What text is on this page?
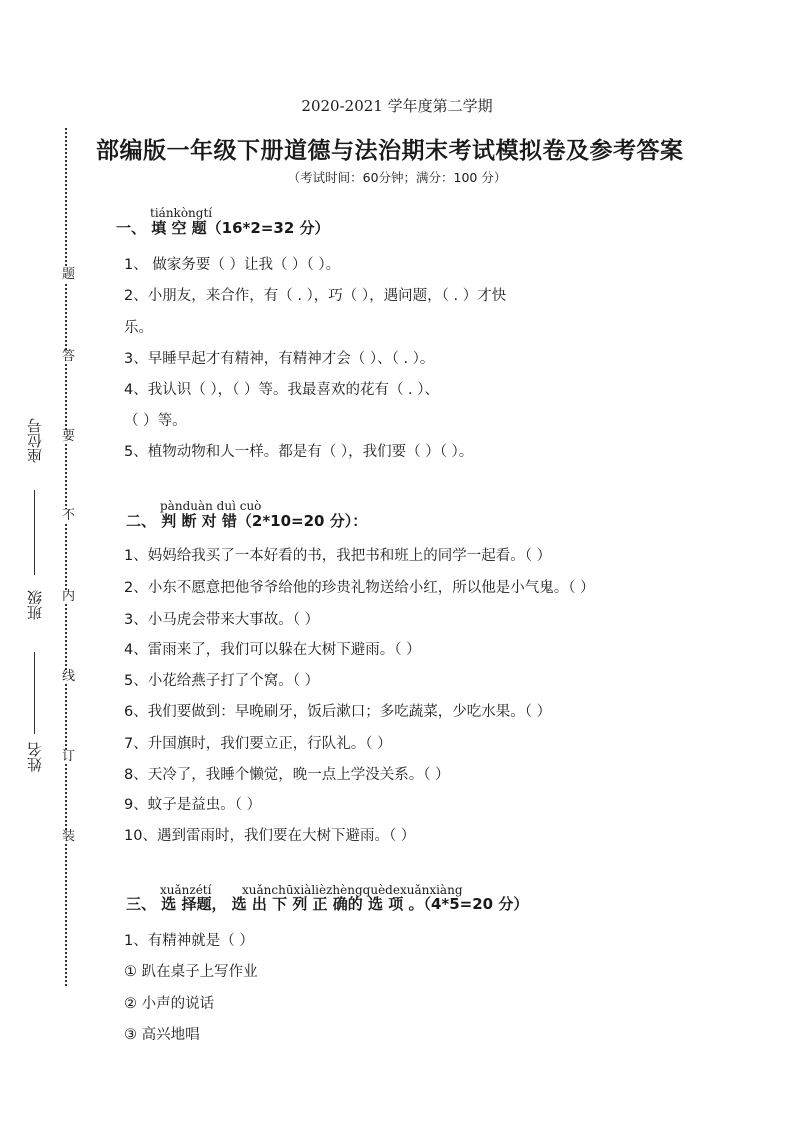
2020-2021 学年度第二学期
部编版一年级下册道德与法治期末考试模拟卷及参考答案
（考试时间：60分钟；满分：100 分）
题
答
要
不
内
线
订
装
座位号
班级
姓名
tiánkòngtí
一、 填 空 题（16*2=32 分）
1、 做家务要（ ）让我（ ）（ ）。
2、小朋友，来合作，有（ . ），巧（ ），遇问题，（ . ）才快
乐。
3、早睡早起才有精神，有精神才会（ ）、（ . ）。
4、我认识（ ），（ ）等。我最喜欢的花有（ . ）、
（ ）等。
5、植物动物和人一样。都是有（ ），我们要（ ）（ ）。
pànduàn duì cuò
二、 判 断 对 错（2*10=20 分）：
1、妈妈给我买了一本好看的书，我把书和班上的同学一起看。（ ）
2、小东不愿意把他爷爷给他的珍贵礼物送给小红，所以他是小气鬼。（ ）
3、小马虎会带来大事故。（ ）
4、雷雨来了，我们可以躲在大树下避雨。（ ）
5、小花给燕子打了个窝。（ ）
6、我们要做到：早晚刷牙，饭后漱口；多吃蔬菜，少吃水果。（ ）
7、升国旗时，我们要立正，行队礼。（ ）
8、天冷了，我睡个懒觉，晚一点上学没关系。（ ）
9、蚊子是益虫。（ ）
10、遇到雷雨时，我们要在大树下避雨。（ ）
xuǎnzétí	xuǎnchūxiàlièzhèngquèdexuǎnxiàng
三、 选 择题， 选 出 下 列 正 确的 选 项 。（4*5=20 分）
1、有精神就是（ ）
① 趴在桌子上写作业
② 小声的说话
③ 高兴地唱
